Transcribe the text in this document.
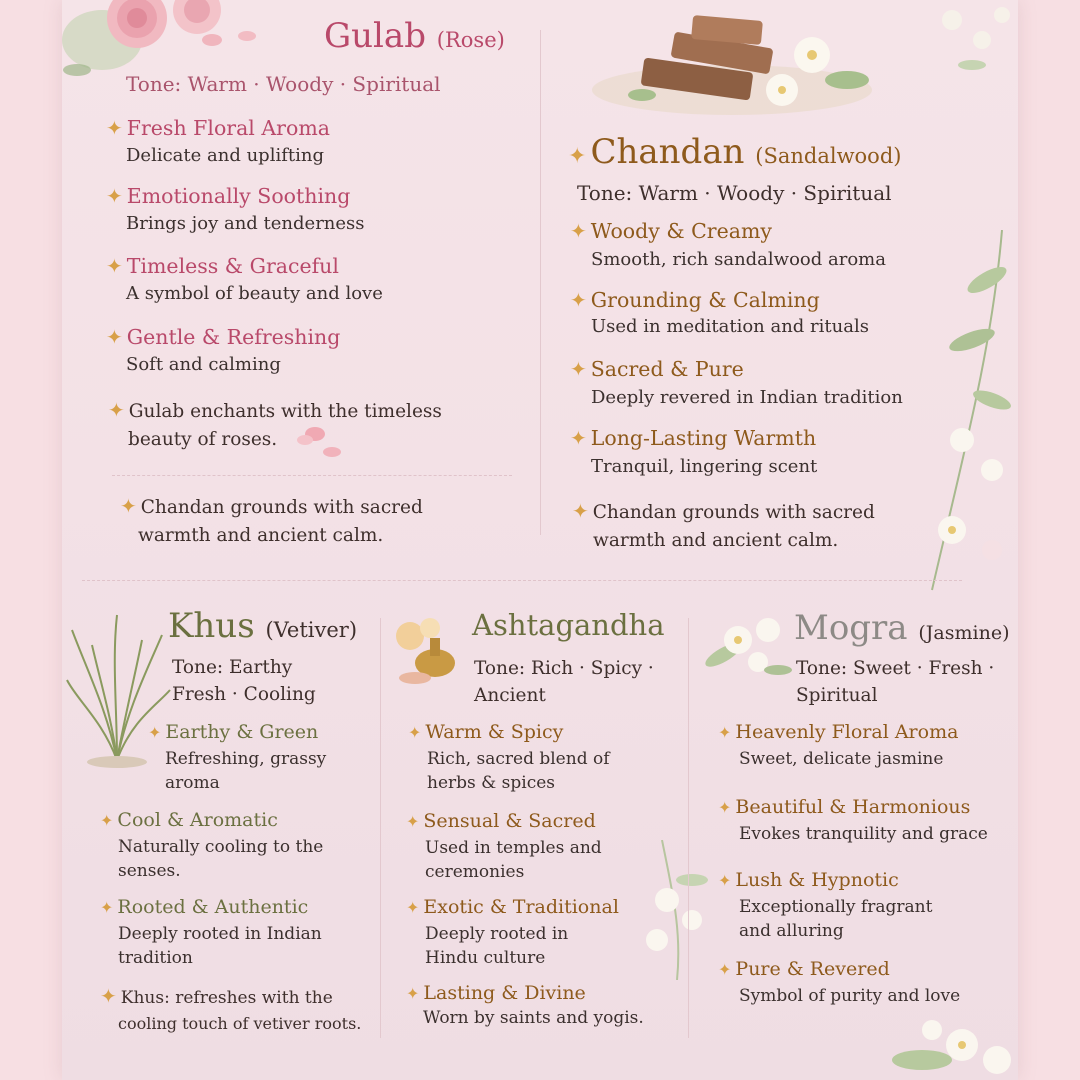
Gulab (Rose)
Tone: Warm · Woody · Spiritual
✦ Fresh Floral Aroma
Delicate and uplifting
✦ Emotionally Soothing
Brings joy and tenderness
✦ Timeless & Graceful
A symbol of beauty and love
✦ Gentle & Refreshing
Soft and calming
✦ Gulab enchants with the timeless
beauty of roses.
✦ Chandan grounds with sacred
warmth and ancient calm.
✦ Chandan (Sandalwood)
Tone: Warm · Woody · Spiritual
✦ Woody & Creamy
Smooth, rich sandalwood aroma
✦ Grounding & Calming
Used in meditation and rituals
✦ Sacred & Pure
Deeply revered in Indian tradition
✦ Long-Lasting Warmth
Tranquil, lingering scent
✦ Chandan grounds with sacred
warmth and ancient calm.
Khus (Vetiver)
Tone: Earthy
Fresh · Cooling
✦ Earthy & Green
Refreshing, grassy
aroma
✦ Cool & Aromatic
Naturally cooling to the
senses.
✦ Rooted & Authentic
Deeply rooted in Indian
tradition
✦ Khus: refreshes with the
cooling touch of vetiver roots.
Ashtagandha
Tone: Rich · Spicy ·
Ancient
✦ Warm & Spicy
Rich, sacred blend of
herbs & spices
✦ Sensual & Sacred
Used in temples and
ceremonies
✦ Exotic & Traditional
Deeply rooted in
Hindu culture
✦ Lasting & Divine
Worn by saints and yogis.
Mogra (Jasmine)
Tone: Sweet · Fresh ·
Spiritual
✦ Heavenly Floral Aroma
Sweet, delicate jasmine
✦ Beautiful & Harmonious
Evokes tranquility and grace
✦ Lush & Hypnotic
Exceptionally fragrant
and alluring
✦ Pure & Revered
Symbol of purity and love
